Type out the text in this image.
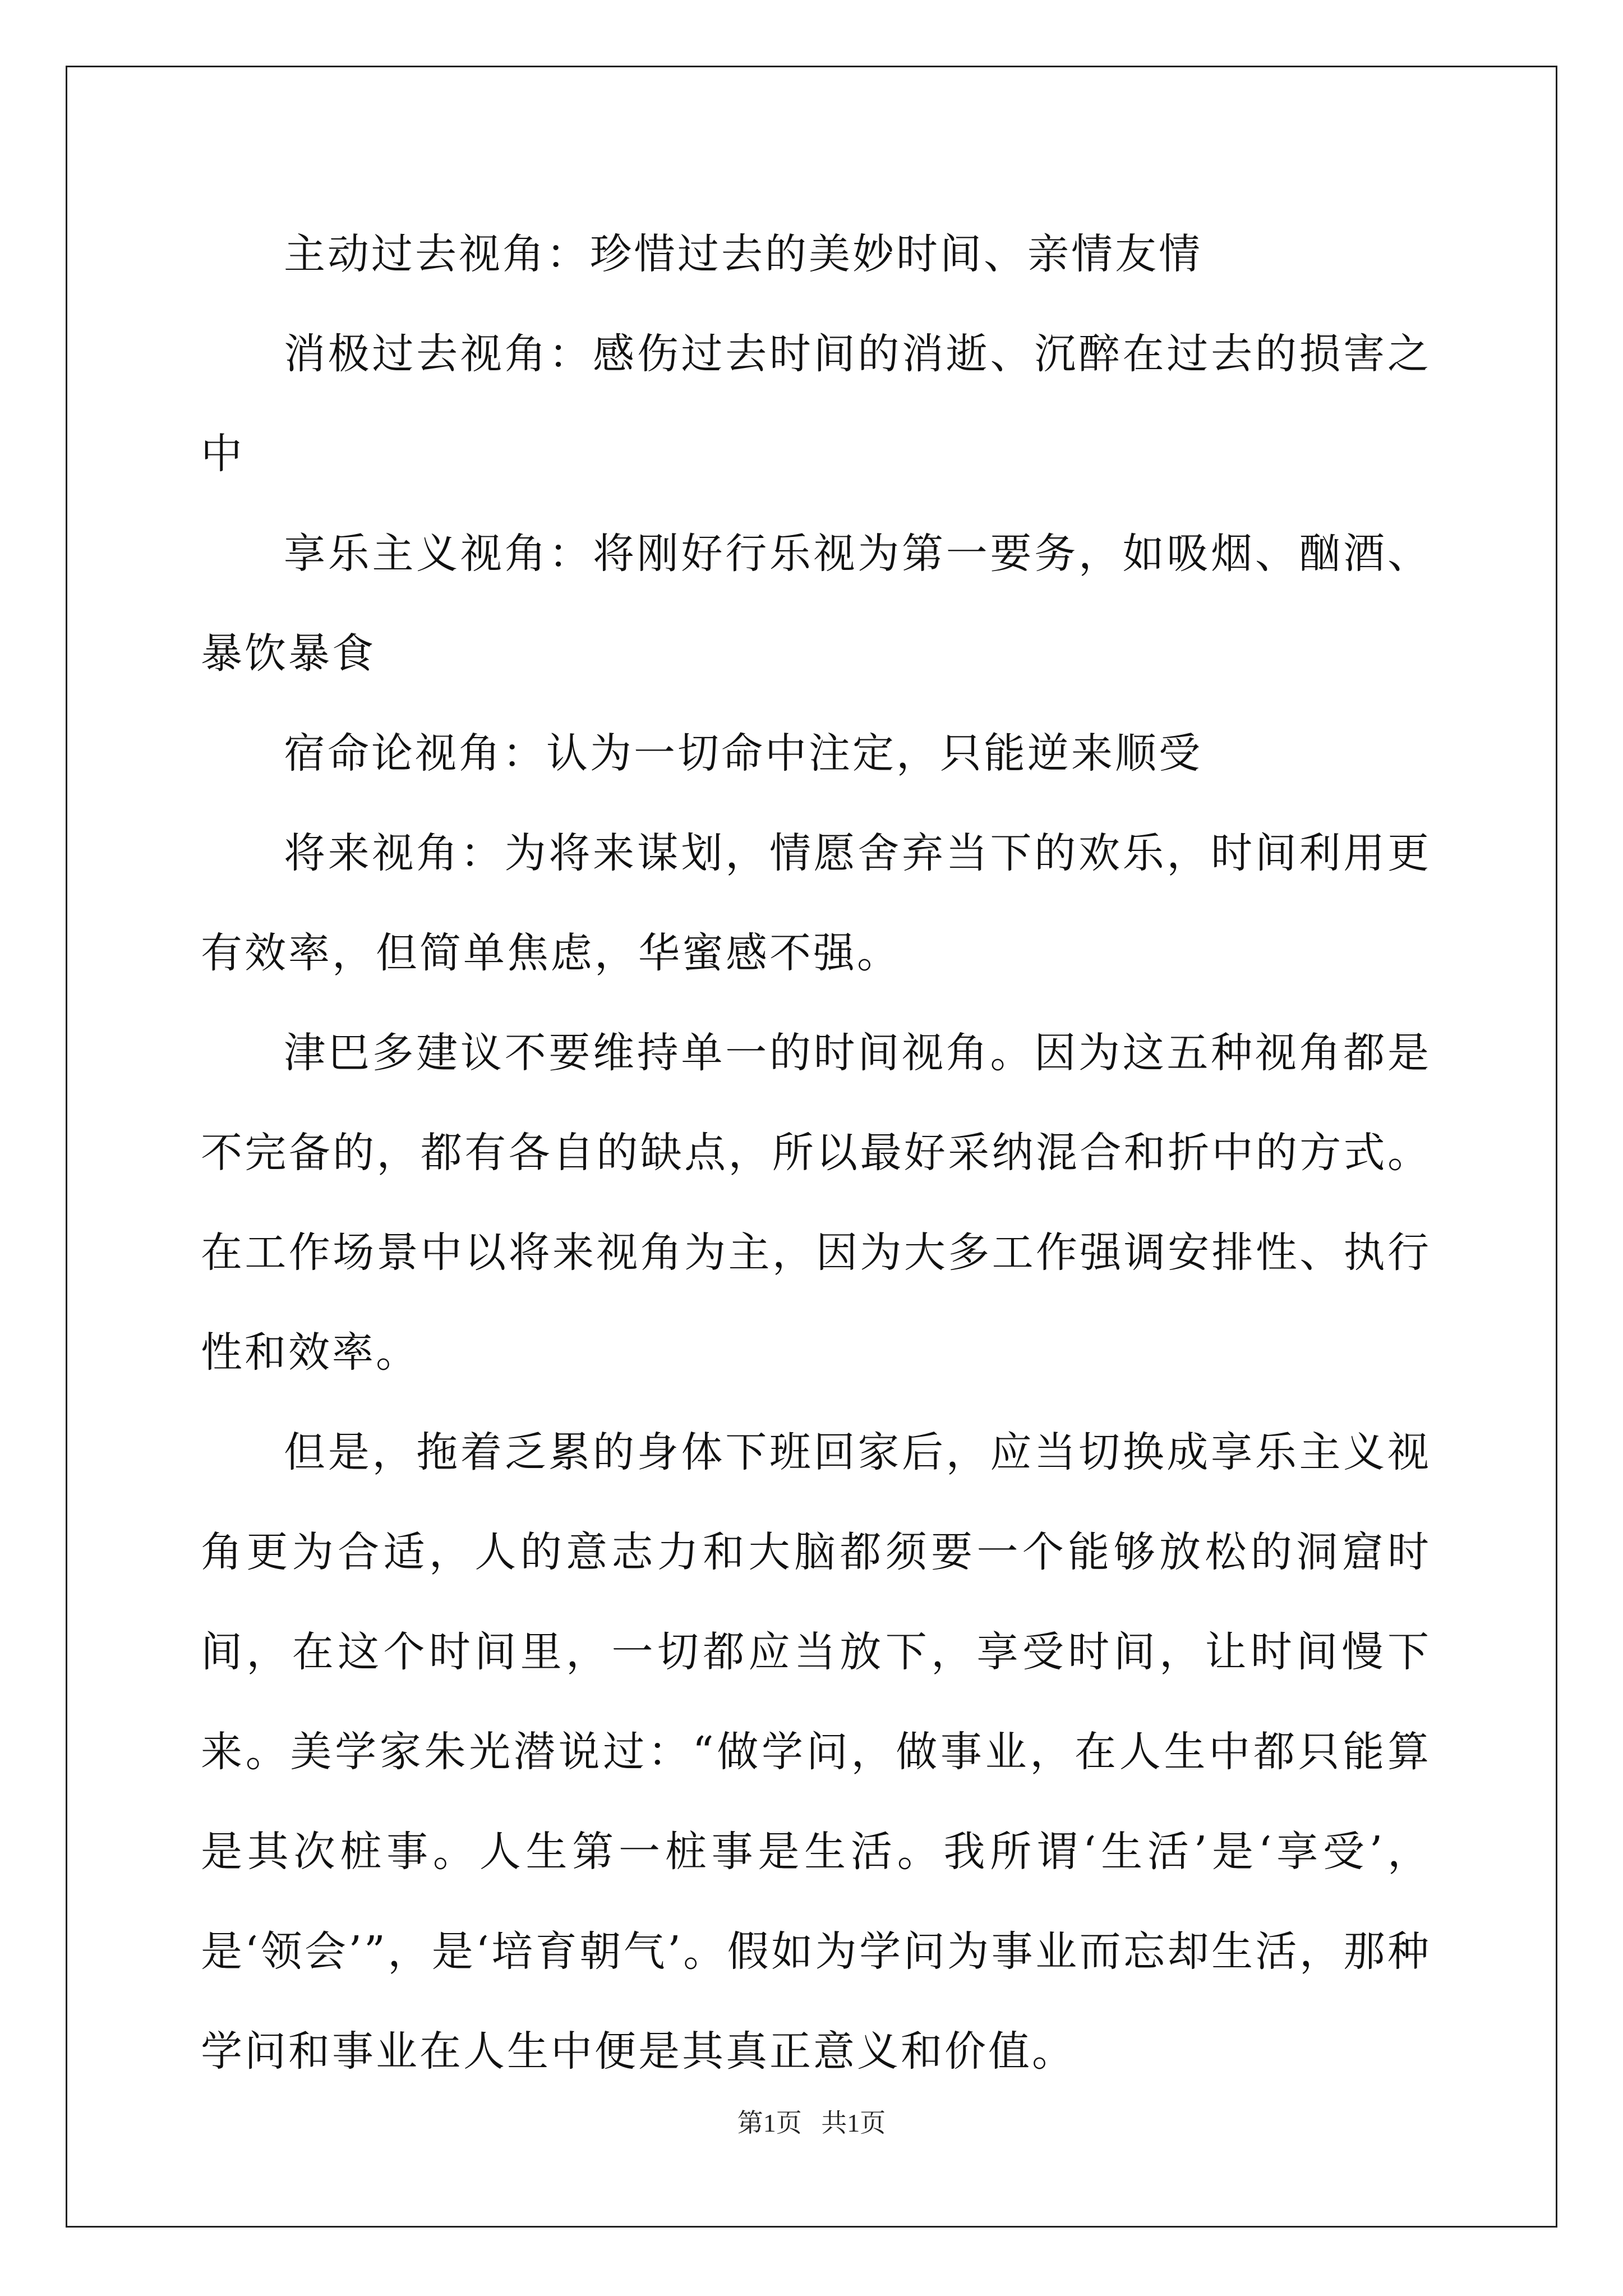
主动过去视角：珍惜过去的美妙时间、亲情友情

消极过去视角：感伤过去时间的消逝、沉醉在过去的损害之中

享乐主义视角：将刚好行乐视为第一要务，如吸烟、酗酒、暴饮暴食

宿命论视角：认为一切命中注定，只能逆来顺受

将来视角：为将来谋划，情愿舍弃当下的欢乐，时间利用更有效率，但简单焦虑，华蜜感不强。

津巴多建议不要维持单一的时间视角。因为这五种视角都是不完备的，都有各自的缺点，所以最好采纳混合和折中的方式。在工作场景中以将来视角为主，因为大多工作强调安排性、执行性和效率。

但是，拖着乏累的身体下班回家后，应当切换成享乐主义视角更为合适，人的意志力和大脑都须要一个能够放松的洞窟时间，在这个时间里，一切都应当放下，享受时间，让时间慢下来。美学家朱光潜说过：“做学问，做事业，在人生中都只能算是其次桩事。人生第一桩事是生活。我所谓‘生活’是‘享受’，是‘领会’”，是‘培育朝气’。假如为学问为事业而忘却生活，那种学问和事业在人生中便是其真正意义和价值。

第1页 共1页
